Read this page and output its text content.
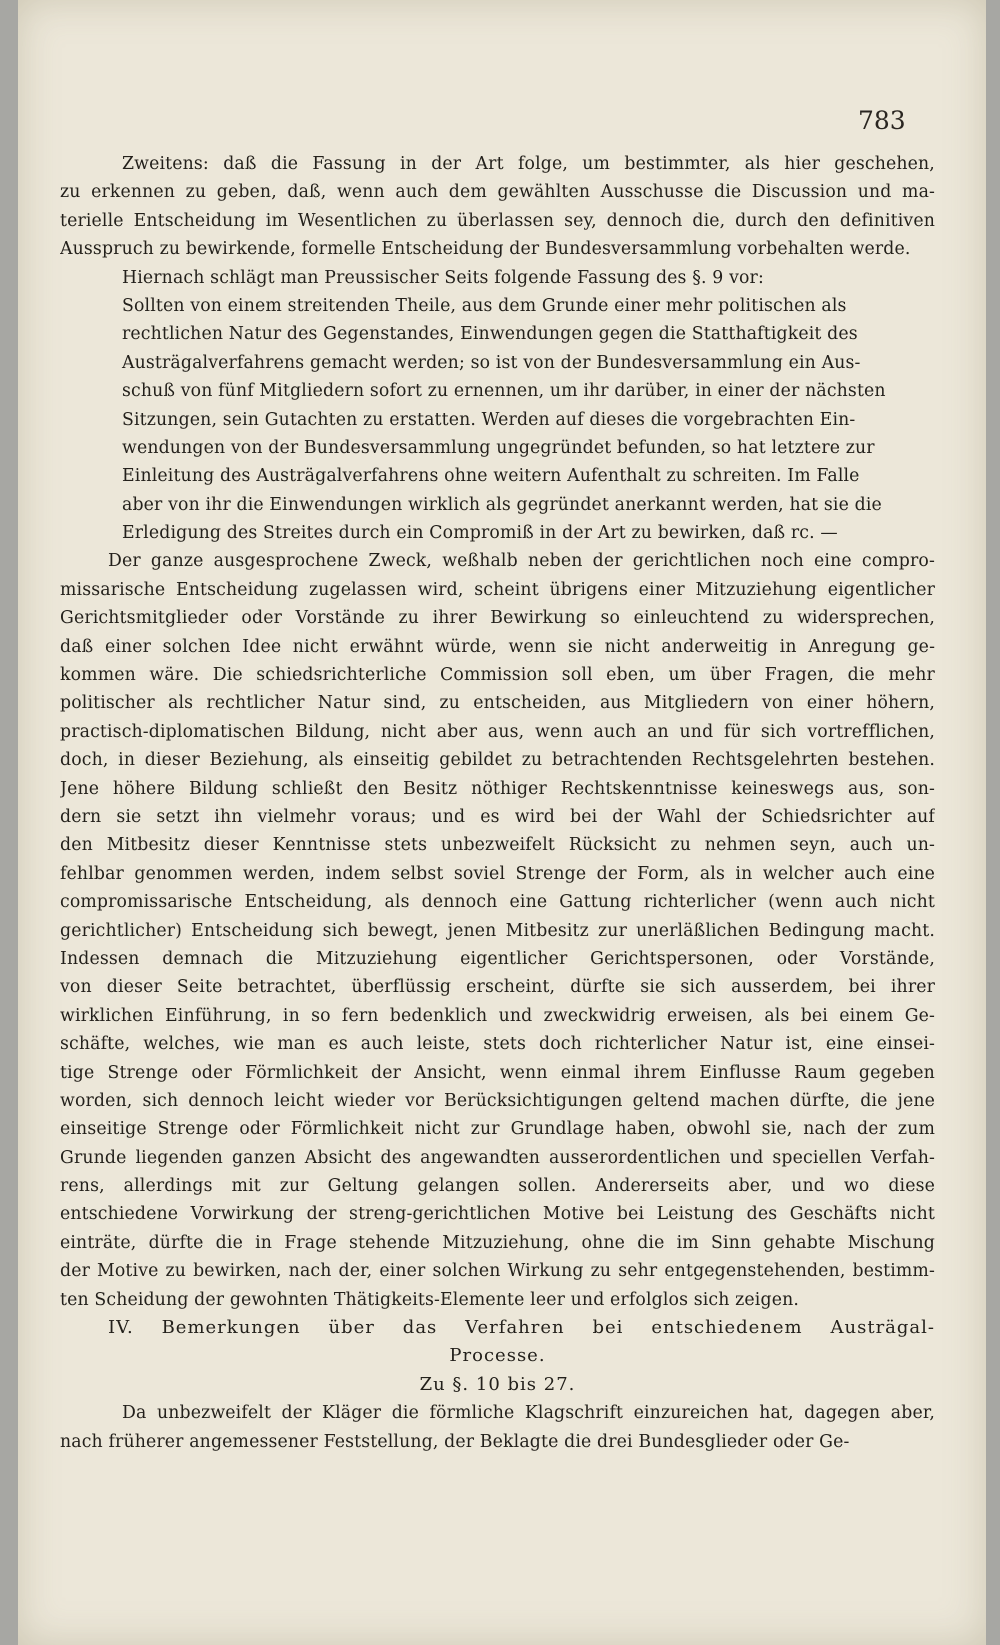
783
Zweitens: daß die Fassung in der Art folge, um bestimmter, als hier geschehen,
zu erkennen zu geben, daß, wenn auch dem gewählten Ausschusse die Discussion und ma-
terielle Entscheidung im Wesentlichen zu überlassen sey, dennoch die, durch den definitiven
Ausspruch zu bewirkende, formelle Entscheidung der Bundesversammlung vorbehalten werde.
Hiernach schlägt man Preussischer Seits folgende Fassung des §. 9 vor:
Sollten von einem streitenden Theile, aus dem Grunde einer mehr politischen als
rechtlichen Natur des Gegenstandes, Einwendungen gegen die Statthaftigkeit des
Austrägalverfahrens gemacht werden; so ist von der Bundesversammlung ein Aus-
schuß von fünf Mitgliedern sofort zu ernennen, um ihr darüber, in einer der nächsten
Sitzungen, sein Gutachten zu erstatten. Werden auf dieses die vorgebrachten Ein-
wendungen von der Bundesversammlung ungegründet befunden, so hat letztere zur
Einleitung des Austrägalverfahrens ohne weitern Aufenthalt zu schreiten. Im Falle
aber von ihr die Einwendungen wirklich als gegründet anerkannt werden, hat sie die
Erledigung des Streites durch ein Compromiß in der Art zu bewirken, daß rc. —
Der ganze ausgesprochene Zweck, weßhalb neben der gerichtlichen noch eine compro-
missarische Entscheidung zugelassen wird, scheint übrigens einer Mitzuziehung eigentlicher
Gerichtsmitglieder oder Vorstände zu ihrer Bewirkung so einleuchtend zu widersprechen,
daß einer solchen Idee nicht erwähnt würde, wenn sie nicht anderweitig in Anregung ge-
kommen wäre. Die schiedsrichterliche Commission soll eben, um über Fragen, die mehr
politischer als rechtlicher Natur sind, zu entscheiden, aus Mitgliedern von einer höhern,
practisch-diplomatischen Bildung, nicht aber aus, wenn auch an und für sich vortrefflichen,
doch, in dieser Beziehung, als einseitig gebildet zu betrachtenden Rechtsgelehrten bestehen.
Jene höhere Bildung schließt den Besitz nöthiger Rechtskenntnisse keineswegs aus, son-
dern sie setzt ihn vielmehr voraus; und es wird bei der Wahl der Schiedsrichter auf
den Mitbesitz dieser Kenntnisse stets unbezweifelt Rücksicht zu nehmen seyn, auch un-
fehlbar genommen werden, indem selbst soviel Strenge der Form, als in welcher auch eine
compromissarische Entscheidung, als dennoch eine Gattung richterlicher (wenn auch nicht
gerichtlicher) Entscheidung sich bewegt, jenen Mitbesitz zur unerläßlichen Bedingung macht.
Indessen demnach die Mitzuziehung eigentlicher Gerichtspersonen, oder Vorstände,
von dieser Seite betrachtet, überflüssig erscheint, dürfte sie sich ausserdem, bei ihrer
wirklichen Einführung, in so fern bedenklich und zweckwidrig erweisen, als bei einem Ge-
schäfte, welches, wie man es auch leiste, stets doch richterlicher Natur ist, eine einsei-
tige Strenge oder Förmlichkeit der Ansicht, wenn einmal ihrem Einflusse Raum gegeben
worden, sich dennoch leicht wieder vor Berücksichtigungen geltend machen dürfte, die jene
einseitige Strenge oder Förmlichkeit nicht zur Grundlage haben, obwohl sie, nach der zum
Grunde liegenden ganzen Absicht des angewandten ausserordentlichen und speciellen Verfah-
rens, allerdings mit zur Geltung gelangen sollen. Andererseits aber, und wo diese
entschiedene Vorwirkung der streng-gerichtlichen Motive bei Leistung des Geschäfts nicht
einträte, dürfte die in Frage stehende Mitzuziehung, ohne die im Sinn gehabte Mischung
der Motive zu bewirken, nach der, einer solchen Wirkung zu sehr entgegenstehenden, bestimm-
ten Scheidung der gewohnten Thätigkeits-Elemente leer und erfolglos sich zeigen.
IV. Bemerkungen über das Verfahren bei entschiedenem Austrägal-
Processe.
Zu §. 10 bis 27.
Da unbezweifelt der Kläger die förmliche Klagschrift einzureichen hat, dagegen aber,
nach früherer angemessener Feststellung, der Beklagte die drei Bundesglieder oder Ge-
